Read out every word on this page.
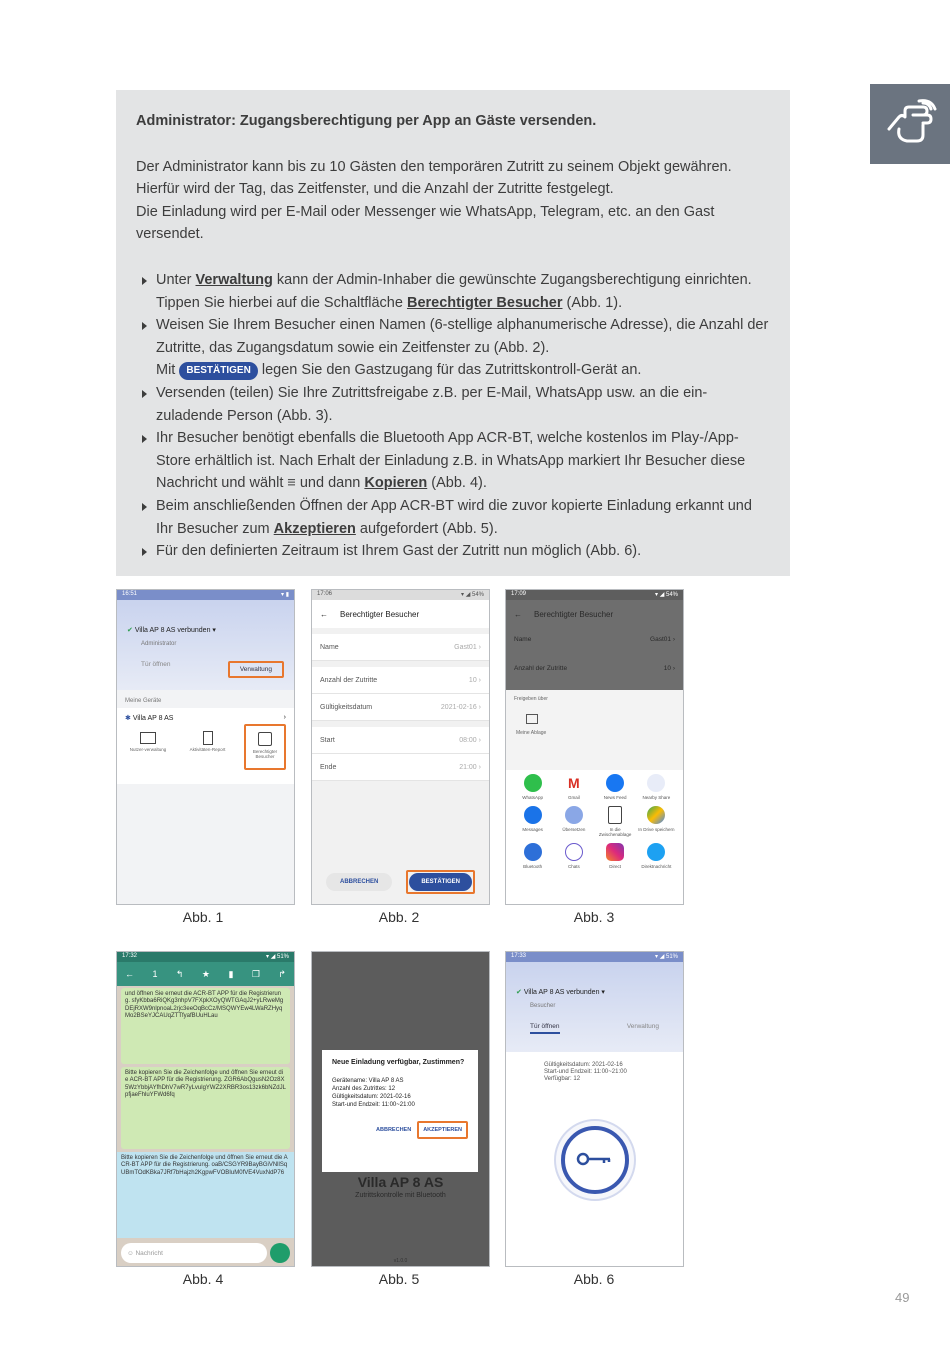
Administrator: Zugangsberechtigung per App an Gäste versenden.

Der Administrator kann bis zu 10 Gästen den temporären Zutritt zu seinem Objekt gewähren.

Hierfür wird der Tag, das Zeitfenster, und die Anzahl der Zutritte festgelegt.

Die Einladung wird per E-Mail oder Messenger wie WhatsApp, Telegram, etc. an den Gast

versendet.

Unter Verwaltung kann der Admin-Inhaber die gewünschte Zugangsberechtigung einrichten. Tippen Sie hierbei auf die Schaltfläche Berechtigter Besucher (Abb. 1).
Weisen Sie Ihrem Besucher einen Namen (6-stellige alphanumerische Adresse), die Anzahl der Zutritte, das Zugangsdatum sowie ein Zeitfenster zu (Abb. 2).
Mit BESTÄTIGEN legen Sie den Gastzugang für das Zutrittskontroll-Gerät an.
Versenden (teilen) Sie Ihre Zutrittsfreigabe z.B. per E-Mail, WhatsApp usw. an die ein-zuladende Person (Abb. 3).
Ihr Besucher benötigt ebenfalls die Bluetooth App ACR-BT, welche kostenlos im Play-/App-Store erhältlich ist. Nach Erhalt der Einladung z.B. in WhatsApp markiert Ihr Besucher diese Nachricht und wählt ≡ und dann Kopieren (Abb. 4).
Beim anschließenden Öffnen der App ACR-BT wird die zuvor kopierte Einladung erkannt und Ihr Besucher zum Akzeptieren aufgefordert (Abb. 5).
Für den definierten Zeitraum ist Ihrem Gast der Zutritt nun möglich (Abb. 6).
16:51	▾ ▮
✔ Villa AP 8 AS verbunden ▾
Administrator
Tür öffnen
Verwaltung
Meine Geräte
✱ Villa AP 8 AS	›
Nutzer-verwaltung	Aktivitäten-Report	Berechtigter Besucher
Abb. 1
17:06	▾ ◢ 54%
← Berechtigter Besucher
Name	Gast01 ›
Anzahl der Zutritte	10 ›
Gültigkeitsdatum	2021-02-16 ›
Start	08:00 ›
Ende	21:00 ›
ABBRECHEN	BESTÄTIGEN
Abb. 2
17:09	▾ ◢ 54%
← Berechtigter Besucher
Name	Gast01 ›
Anzahl der Zutritte	10 ›
Freigeben über
Meine Ablage
WhatsApp
M
Gmail	News Feed	Nearby Share
Messages	Übersetzen	In die Zwischenablage
In Drive speichern
Bluetooth	Chats	Direct	Direktnachricht
Abb. 3
17:32	▾ ◢ 51%
← 1 ↰ ★ ▮ ❐ ↱
und öffnen Sie erneut die ACR-BT APP für die Registrierung. sfyKbba6RiQKg3nhpV7FXpkXOyQWTGAqJ2+yLRweMgDEjRXW9nlpnoaL2rjc3eeOqBcCz/MSQWYEw4LWaRZHyqMo2BSeYJCAUqZTTfyafBUuHLau
Bitte kopieren Sie die Zeichenfolge und öffnen Sie erneut die ACR-BT APP für die Registrierung. ZGR6AbQgusN2Oz8X5WzYbbjAYfhDhV7wR7yLvulgYWZ2XRBR3os13zk6bNZdJLpfjaeFhluYFWd6fq
Bitte kopieren Sie die Zeichenfolge und öffnen Sie erneut die ACR-BT APP für die Registrierung. oaB/CSGYR9BayBGiVNllSqUBmTOdKBka7JRf7bHajzh2KgpwFVOBIuM0fVE4VuxNdP76
☺
Nachricht
Abb. 4
Neue Einladung verfügbar, Zustimmen?
Gerätename: Villa AP 8 AS
Anzahl des Zutrittes: 12
Gültigkeitsdatum: 2021-02-16
Start-und Endzeit: 11:00~21:00
ABBRECHEN	AKZEPTIEREN
Villa AP 8 AS
Zutrittskontrolle mit Bluetooth
v1.0.0
Abb. 5
17:33	▾ ◢ 51%
✔ Villa AP 8 AS verbunden ▾
Besucher
Tür öffnen	Verwaltung
Gültigkeitsdatum: 2021-02-16
Start-und Endzeit: 11:00~21:00
Verfügbar: 12
Abb. 6
49
